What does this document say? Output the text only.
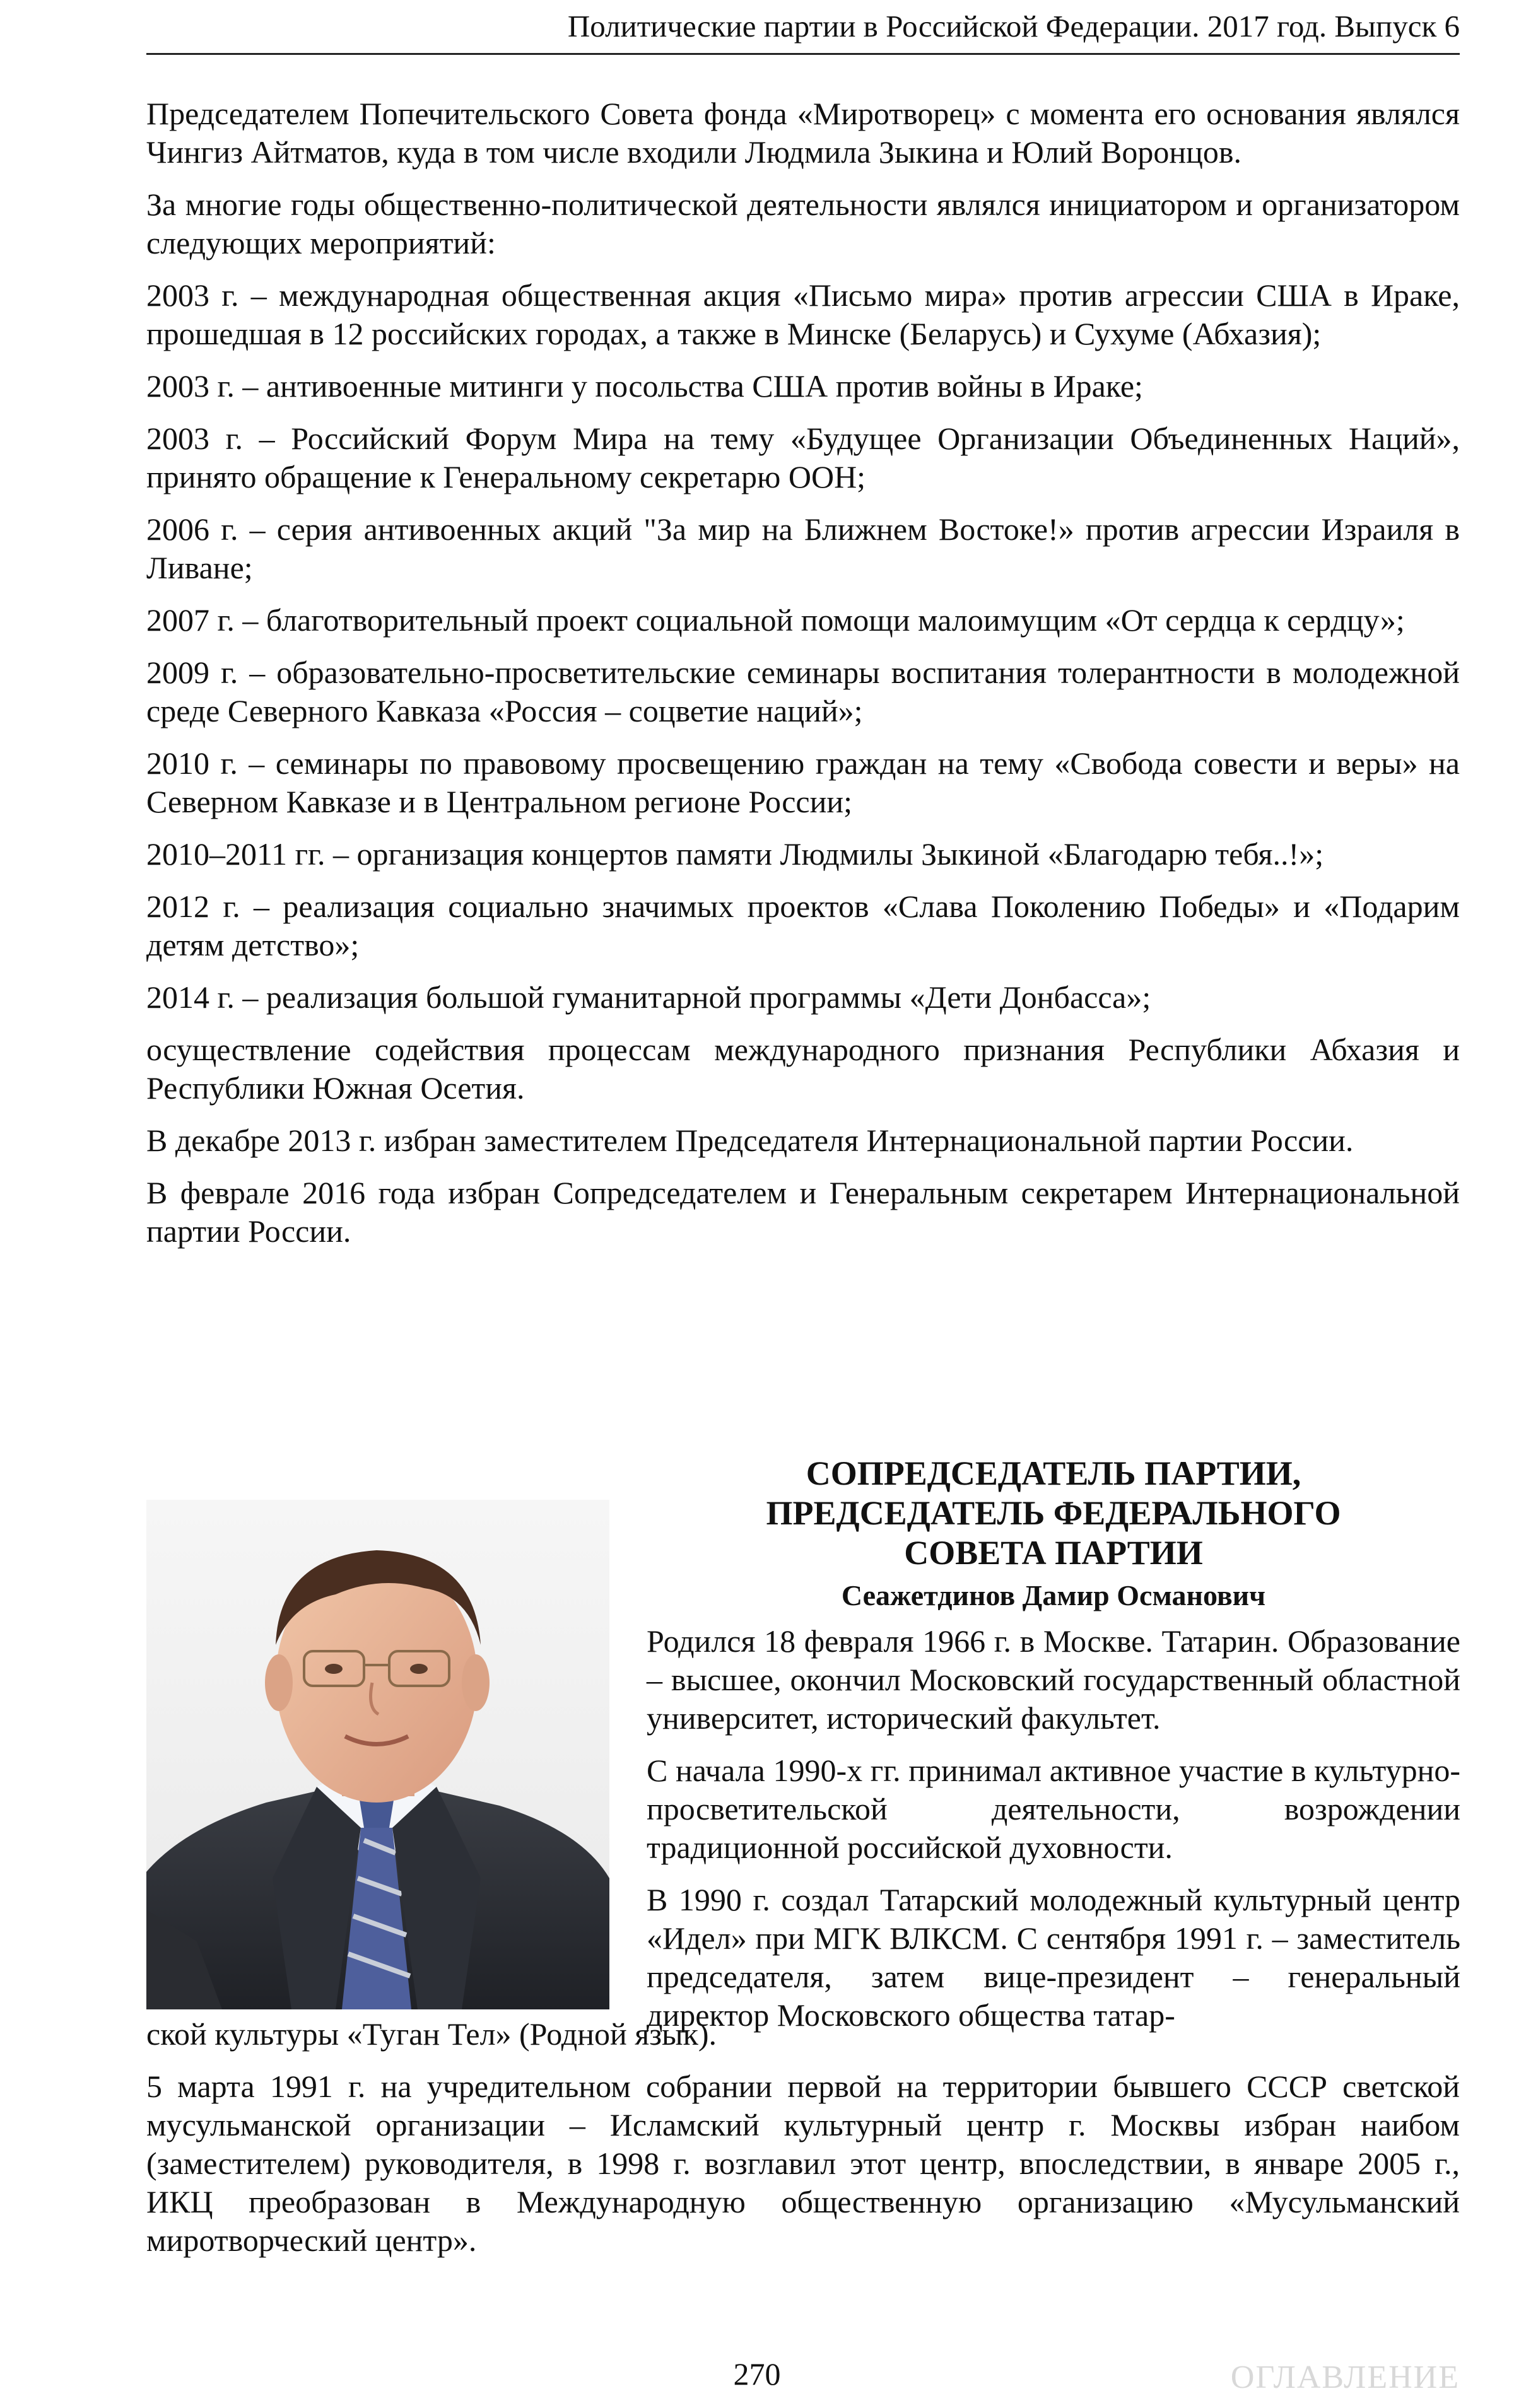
Политические партии в Российской Федерации. 2017 год. Выпуск 6

Председателем Попечительского Совета фонда «Миротворец» с момента его основания являлся Чингиз Айтматов, куда в том числе входили Людмила Зыкина и Юлий Воронцов.

За многие годы общественно-политической деятельности являлся инициатором и организатором следующих мероприятий:

2003 г. – международная общественная акция «Письмо мира» против агрессии США в Ираке, прошедшая в 12 российских городах, а также в Минске (Беларусь) и Сухуме (Абхазия);

2003 г. – антивоенные митинги у посольства США против войны в Ираке;

2003 г. – Российский Форум Мира на тему «Будущее Организации Объединенных Наций», принято обращение к Генеральному секретарю ООН;

2006 г. – серия антивоенных акций "За мир на Ближнем Востоке!» против агрессии Израиля в Ливане;

2007 г. – благотворительный проект социальной помощи малоимущим «От сердца к сердцу»;

2009 г. – образовательно-просветительские семинары воспитания толерантности в молодежной среде Северного Кавказа «Россия – соцветие наций»;

2010 г. – семинары по правовому просвещению граждан на тему «Свобода совести и веры» на Северном Кавказе и в Центральном регионе России;

2010–2011 гг. – организация концертов памяти Людмилы Зыкиной «Благодарю тебя..!»;

2012 г. – реализация социально значимых проектов «Слава Поколению Победы» и «Подарим детям детство»;

2014 г. – реализация большой гуманитарной программы «Дети Донбасса»;

осуществление содействия процессам международного признания Республики Абхазия и Республики Южная Осетия.

В декабре 2013 г. избран заместителем Председателя Интернациональной партии России.

В феврале 2016 года избран Сопредседателем и Генеральным секретарем Интернациональной партии России.

СОПРЕДСЕДАТЕЛЬ ПАРТИИ,
ПРЕДСЕДАТЕЛЬ ФЕДЕРАЛЬНОГО
СОВЕТА ПАРТИИ
Сеажетдинов Дамир Османович

Родился 18 февраля 1966 г. в Москве. Татарин. Образование – высшее, окончил Московский государственный областной университет, исторический факультет.

С начала 1990-х гг. принимал активное участие в культурно-просветительской деятельности, возрождении традиционной российской духовности.

В 1990 г. создал Татарский молодежный культурный центр «Идел» при МГК ВЛКСМ. С сентября 1991 г. – заместитель председателя, затем вице-президент – генеральный директор Московского общества татар-

ской культуры «Туган Тел» (Родной язык).

5 марта 1991 г. на учредительном собрании первой на территории бывшего СССР светской мусульманской организации – Исламский культурный центр г. Москвы избран наибом (заместителем) руководителя, в 1998 г. возглавил этот центр, впоследствии, в январе 2005 г., ИКЦ преобразован в Международную общественную организацию «Мусульманский миротворческий центр».

270	ОГЛАВЛЕНИЕ
